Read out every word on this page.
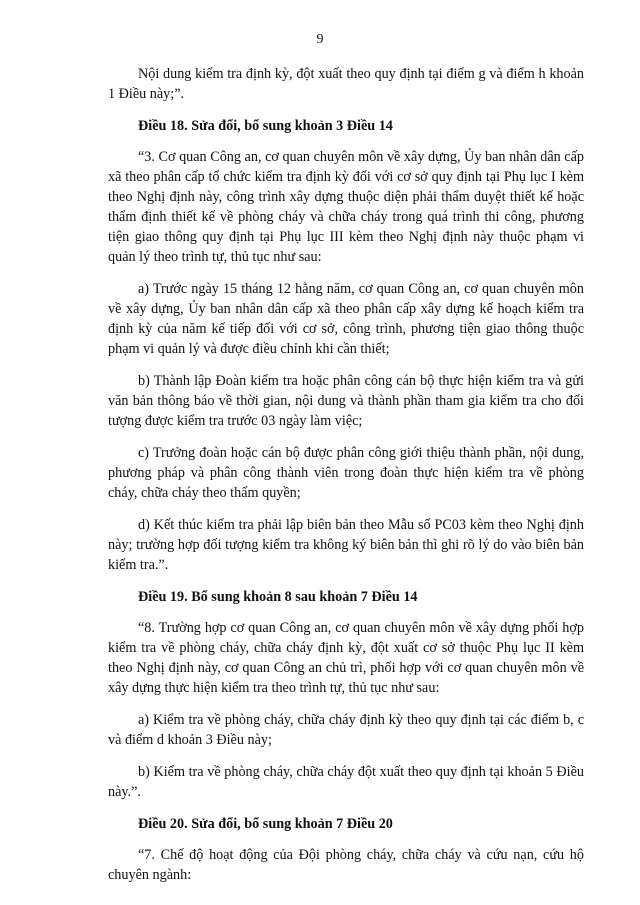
9

Nội dung kiểm tra định kỳ, đột xuất theo quy định tại điểm g và điểm h khoản 1 Điều này;”.

Điều 18. Sửa đổi, bổ sung khoản 3 Điều 14

“3. Cơ quan Công an, cơ quan chuyên môn về xây dựng, Ủy ban nhân dân cấp xã theo phân cấp tổ chức kiểm tra định kỳ đối với cơ sở quy định tại Phụ lục I kèm theo Nghị định này, công trình xây dựng thuộc diện phải thẩm duyệt thiết kế hoặc thẩm định thiết kế về phòng cháy và chữa cháy trong quá trình thi công, phương tiện giao thông quy định tại Phụ lục III kèm theo Nghị định này thuộc phạm vi quản lý theo trình tự, thủ tục như sau:

a) Trước ngày 15 tháng 12 hằng năm, cơ quan Công an, cơ quan chuyên môn về xây dựng, Ủy ban nhân dân cấp xã theo phân cấp xây dựng kế hoạch kiểm tra định kỳ của năm kế tiếp đối với cơ sở, công trình, phương tiện giao thông thuộc phạm vi quản lý và được điều chỉnh khi cần thiết;

b) Thành lập Đoàn kiểm tra hoặc phân công cán bộ thực hiện kiểm tra và gửi văn bản thông báo về thời gian, nội dung và thành phần tham gia kiểm tra cho đối tượng được kiểm tra trước 03 ngày làm việc;

c) Trưởng đoàn hoặc cán bộ được phân công giới thiệu thành phần, nội dung, phương pháp và phân công thành viên trong đoàn thực hiện kiểm tra về phòng cháy, chữa cháy theo thẩm quyền;

d) Kết thúc kiểm tra phải lập biên bản theo Mẫu số PC03 kèm theo Nghị định này; trường hợp đối tượng kiểm tra không ký biên bản thì ghi rõ lý do vào biên bản kiểm tra.”.

Điều 19. Bổ sung khoản 8 sau khoản 7 Điều 14

“8. Trường hợp cơ quan Công an, cơ quan chuyên môn về xây dựng phối hợp kiểm tra về phòng cháy, chữa cháy định kỳ, đột xuất cơ sở thuộc Phụ lục II kèm theo Nghị định này, cơ quan Công an chủ trì, phối hợp với cơ quan chuyên môn về xây dựng thực hiện kiểm tra theo trình tự, thủ tục như sau:

a) Kiểm tra về phòng cháy, chữa cháy định kỳ theo quy định tại các điểm b, c và điểm d khoản 3 Điều này;

b) Kiểm tra về phòng cháy, chữa cháy đột xuất theo quy định tại khoản 5 Điều này.”.

Điều 20. Sửa đổi, bổ sung khoản 7 Điều 20

“7. Chế độ hoạt động của Đội phòng cháy, chữa cháy và cứu nạn, cứu hộ chuyên ngành:
